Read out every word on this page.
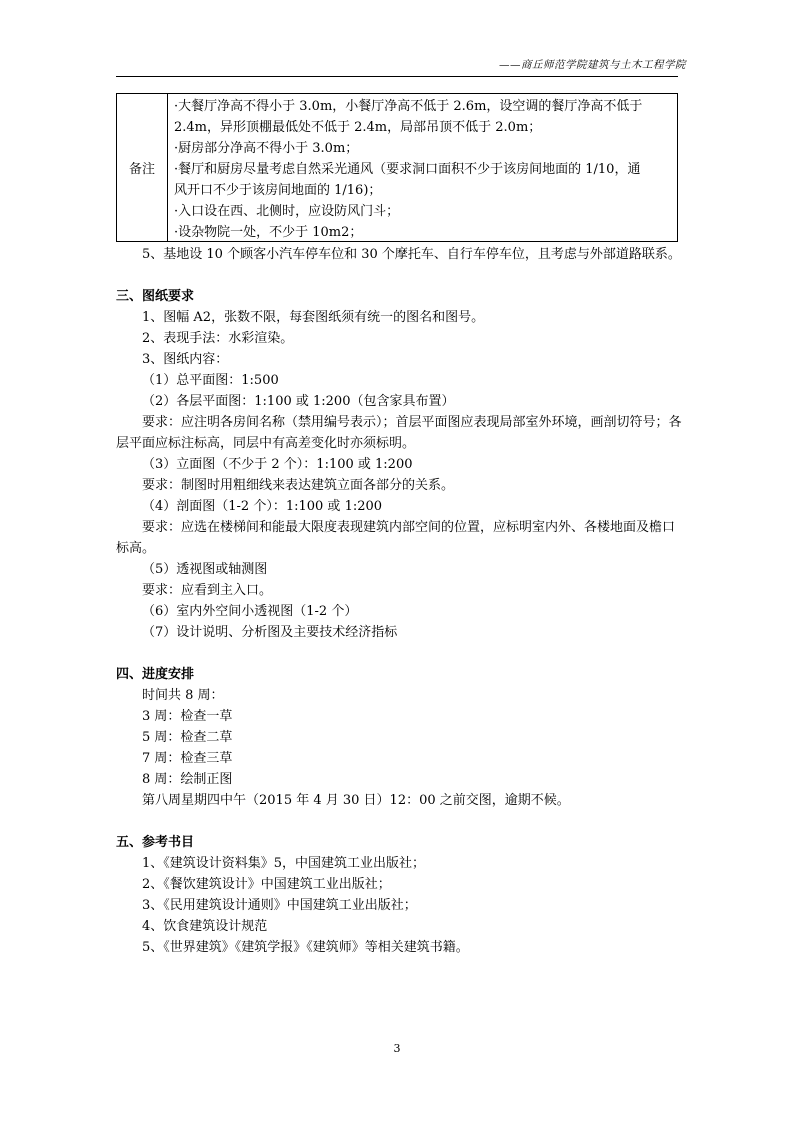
——商丘师范学院建筑与土木工程学院
备注
·大餐厅净高不得小于 3.0m，小餐厅净高不低于 2.6m，设空调的餐厅净高不低于
2.4m，异形顶棚最低处不低于 2.4m，局部吊顶不低于 2.0m；
·厨房部分净高不得小于 3.0m；
·餐厅和厨房尽量考虑自然采光通风（要求洞口面积不少于该房间地面的 1/10，通
风开口不少于该房间地面的 1/16)；
·入口设在西、北侧时，应设防风门斗；
·设杂物院一处，不少于 10m2；
5、基地设 10 个顾客小汽车停车位和 30 个摩托车、自行车停车位，且考虑与外部道路联系。
三、图纸要求
1、图幅 A2，张数不限，每套图纸须有统一的图名和图号。
2、表现手法：水彩渲染。
3、图纸内容：
（1）总平面图：1:500
（2）各层平面图：1:100 或 1:200（包含家具布置）
要求：应注明各房间名称（禁用编号表示）；首层平面图应表现局部室外环境，画剖切符号；各层平面应标注标高，同层中有高差变化时亦须标明。
（3）立面图（不少于 2 个）：1:100 或 1:200
要求：制图时用粗细线来表达建筑立面各部分的关系。
（4）剖面图（1-2 个）：1:100 或 1:200
要求：应选在楼梯间和能最大限度表现建筑内部空间的位置，应标明室内外、各楼地面及檐口标高。
（5）透视图或轴测图
要求：应看到主入口。
（6）室内外空间小透视图（1-2 个）
（7）设计说明、分析图及主要技术经济指标
四、进度安排
时间共 8 周：
3 周：检查一草
5 周：检查二草
7 周：检查三草
8 周：绘制正图
第八周星期四中午（2015 年 4 月 30 日）12：00 之前交图，逾期不候。
五、参考书目
1、《建筑设计资料集》5，中国建筑工业出版社；
2、《餐饮建筑设计》中国建筑工业出版社；
3、《民用建筑设计通则》中国建筑工业出版社；
4、饮食建筑设计规范
5、《世界建筑》《建筑学报》《建筑师》等相关建筑书籍。
3
